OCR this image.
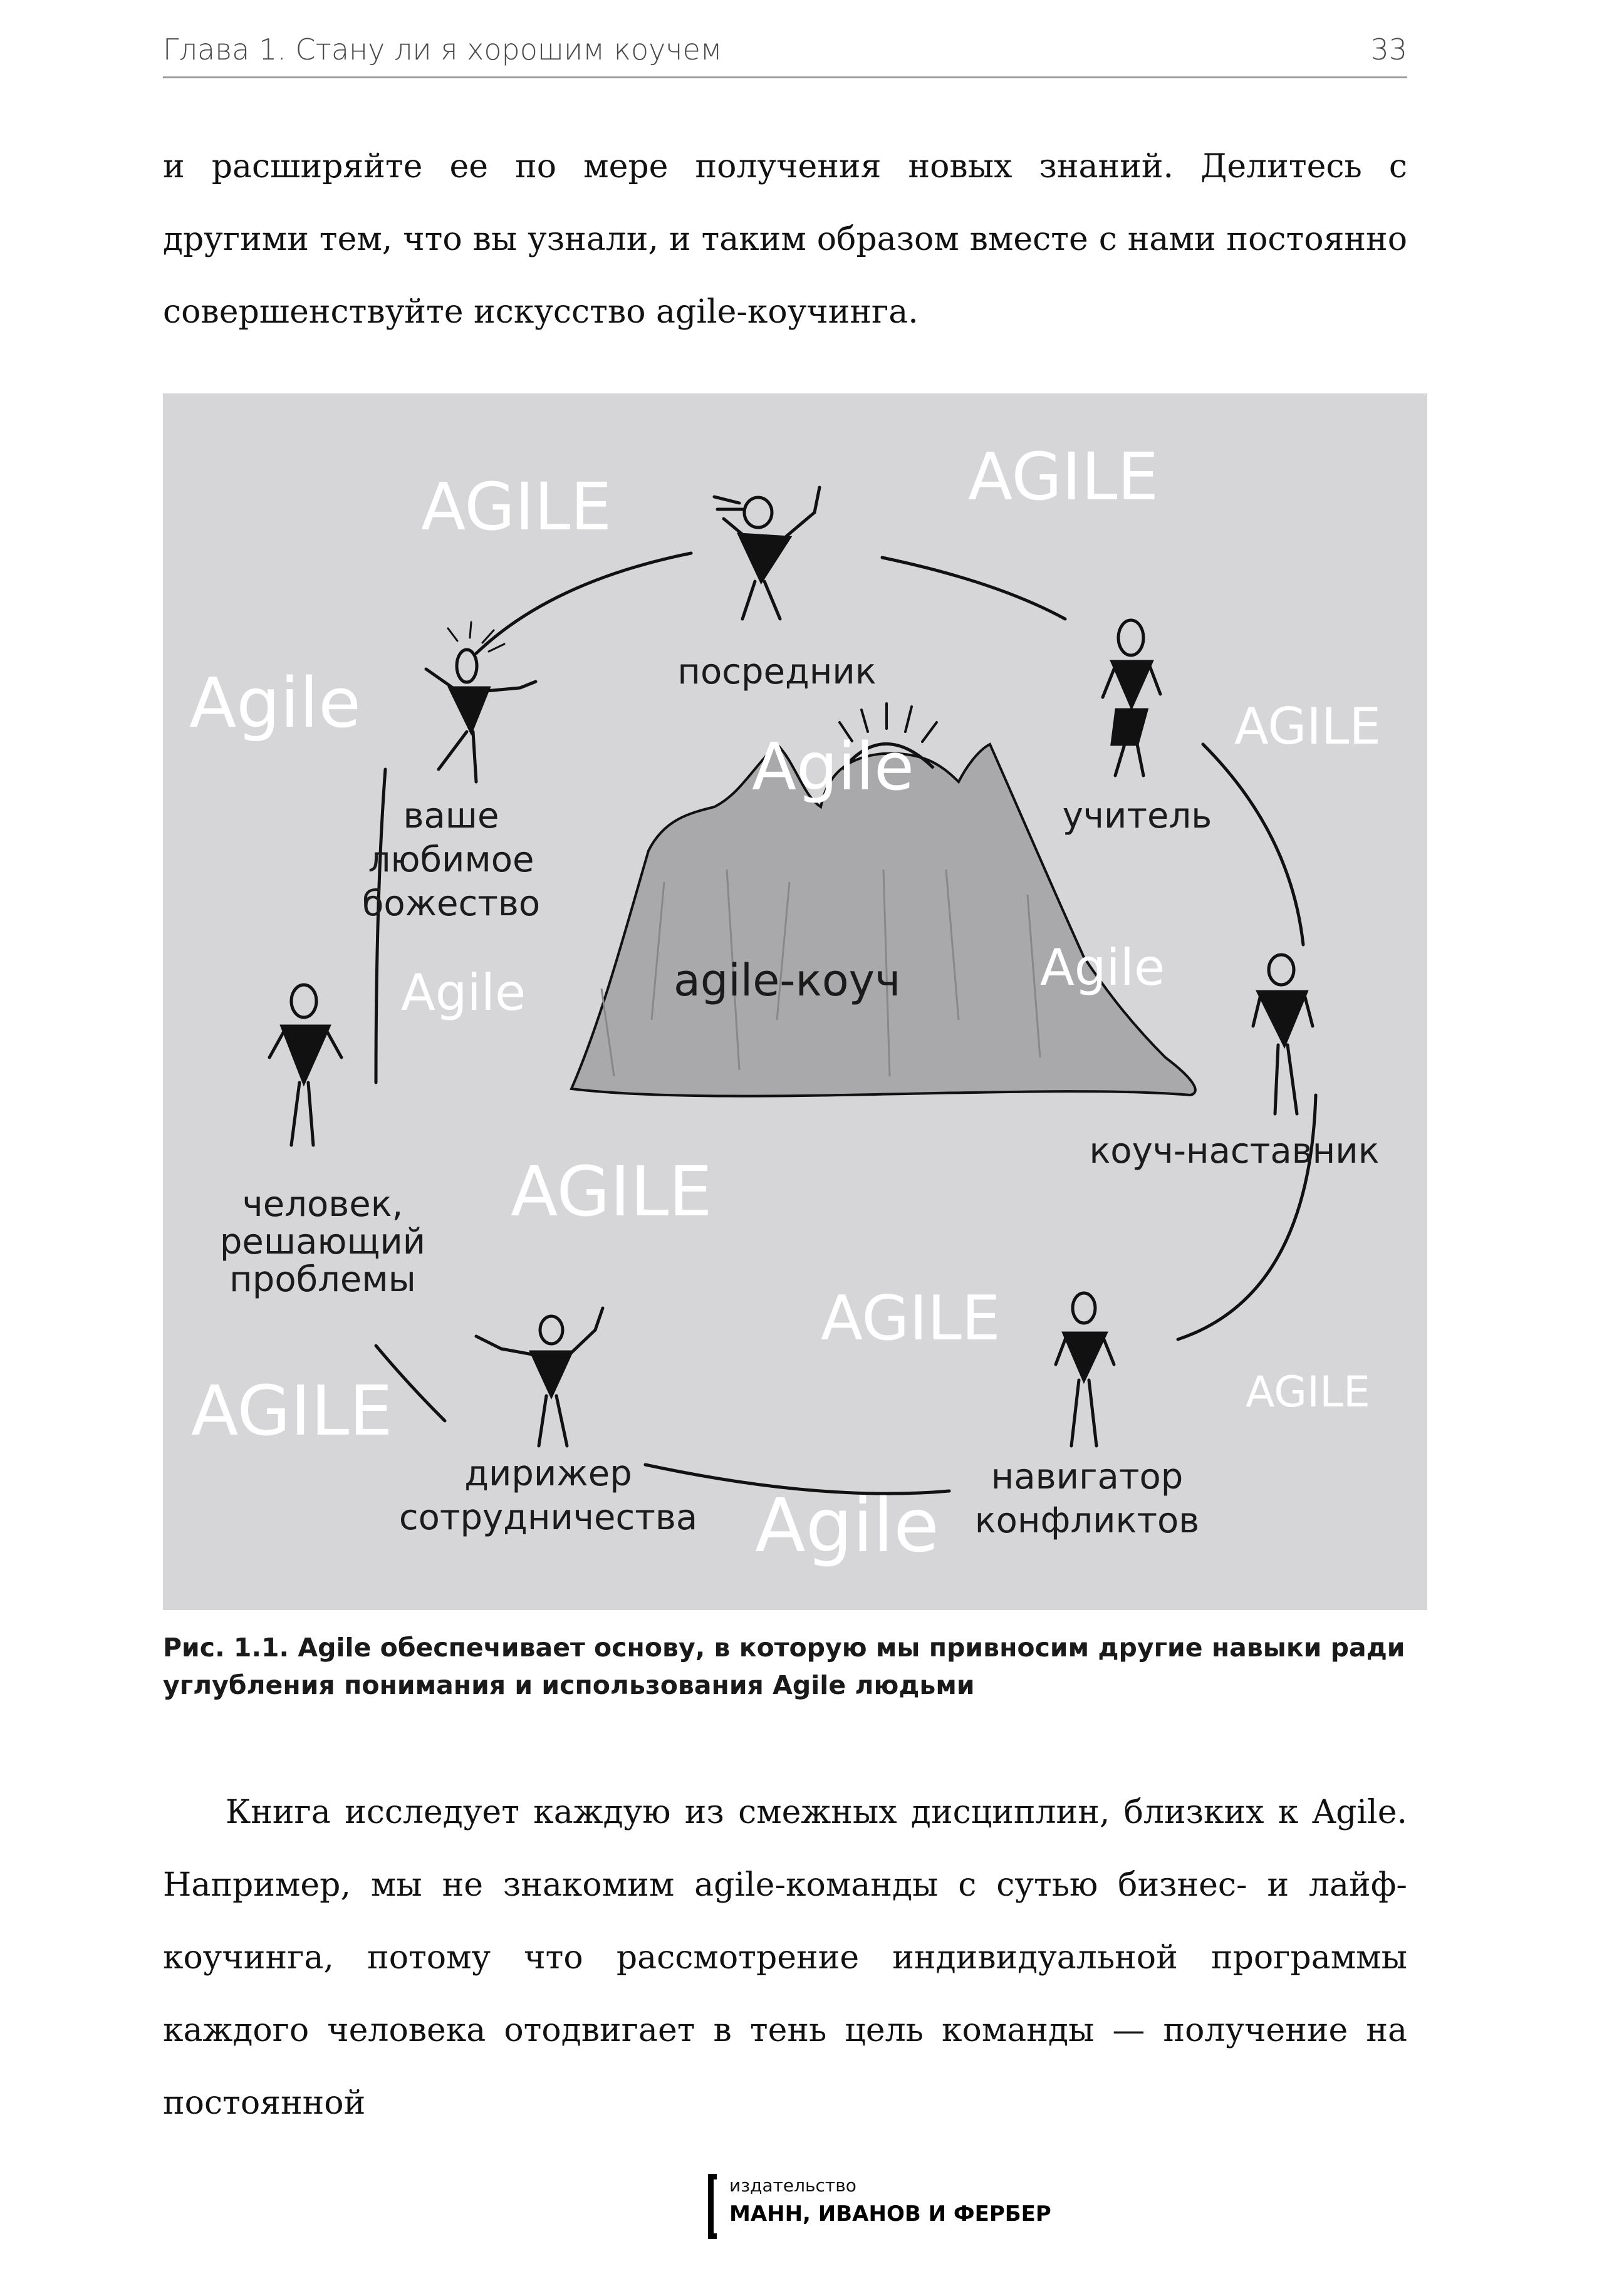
Глава 1. Стану ли я хорошим коучем	33
и расширяйте ее по мере получения новых знаний. Делитесь с другими тем, что вы узнали, и таким образом вместе с нами постоянно совершенствуйте искусство agile-коучинга.
AGILE	AGILE
Agile	AGILE
Agile
Agile
Agile
AGILE
AGILE
AGILE	AGILE
Agile
посредник
учитель
ваше
любимое
божество
коуч-наставник
человек,
решающий
проблемы
дирижер
сотрудничества
навигатор
конфликтов
agile-коуч
Рис. 1.1. Agile обеспечивает основу, в которую мы привносим другие навыки ради углубления понимания и использования Agile людьми
Книга исследует каждую из смежных дисциплин, близких к Agile. Например, мы не знакомим agile-команды с сутью бизнес- и лайф-коучинга, потому что рассмотрение индивидуальной программы каждого человека отодвигает в тень цель команды — получение на постоянной
издательство
МАНН, ИВАНОВ И ФЕРБЕР
